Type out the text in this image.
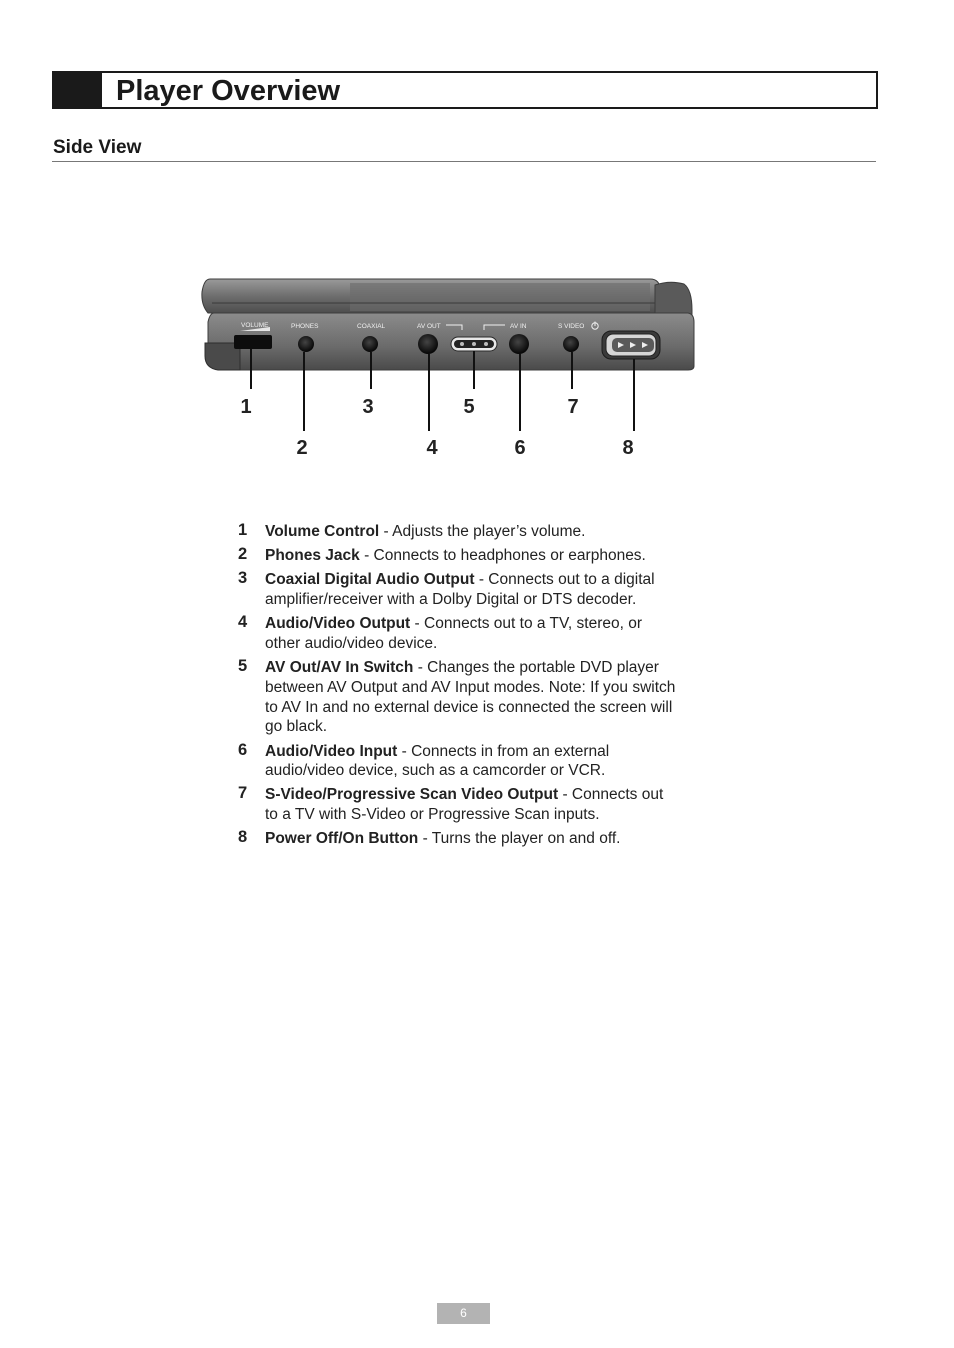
Player Overview
Side View
VOLUME	PHONES	COAXIAL	AV OUT	AV IN	S VIDEO
1
2
3
4
5
6
7
8
1 Volume Control - Adjusts the player’s volume.
2 Phones Jack - Connects to headphones or earphones.
3 Coaxial Digital Audio Output - Connects out to a digital amplifier/receiver with a Dolby Digital or DTS decoder.
4 Audio/Video Output - Connects out to a TV, stereo, or other audio/video device.
5 AV Out/AV In Switch - Changes the portable DVD player between AV Output and AV Input modes. Note: If you switch to AV In and no external device is connected the screen will go black.
6 Audio/Video Input - Connects in from an external audio/video device, such as a camcorder or VCR.
7 S-Video/Progressive Scan Video Output - Connects out to a TV with S-Video or Progressive Scan inputs.
8 Power Off/On Button - Turns the player on and off.
6
